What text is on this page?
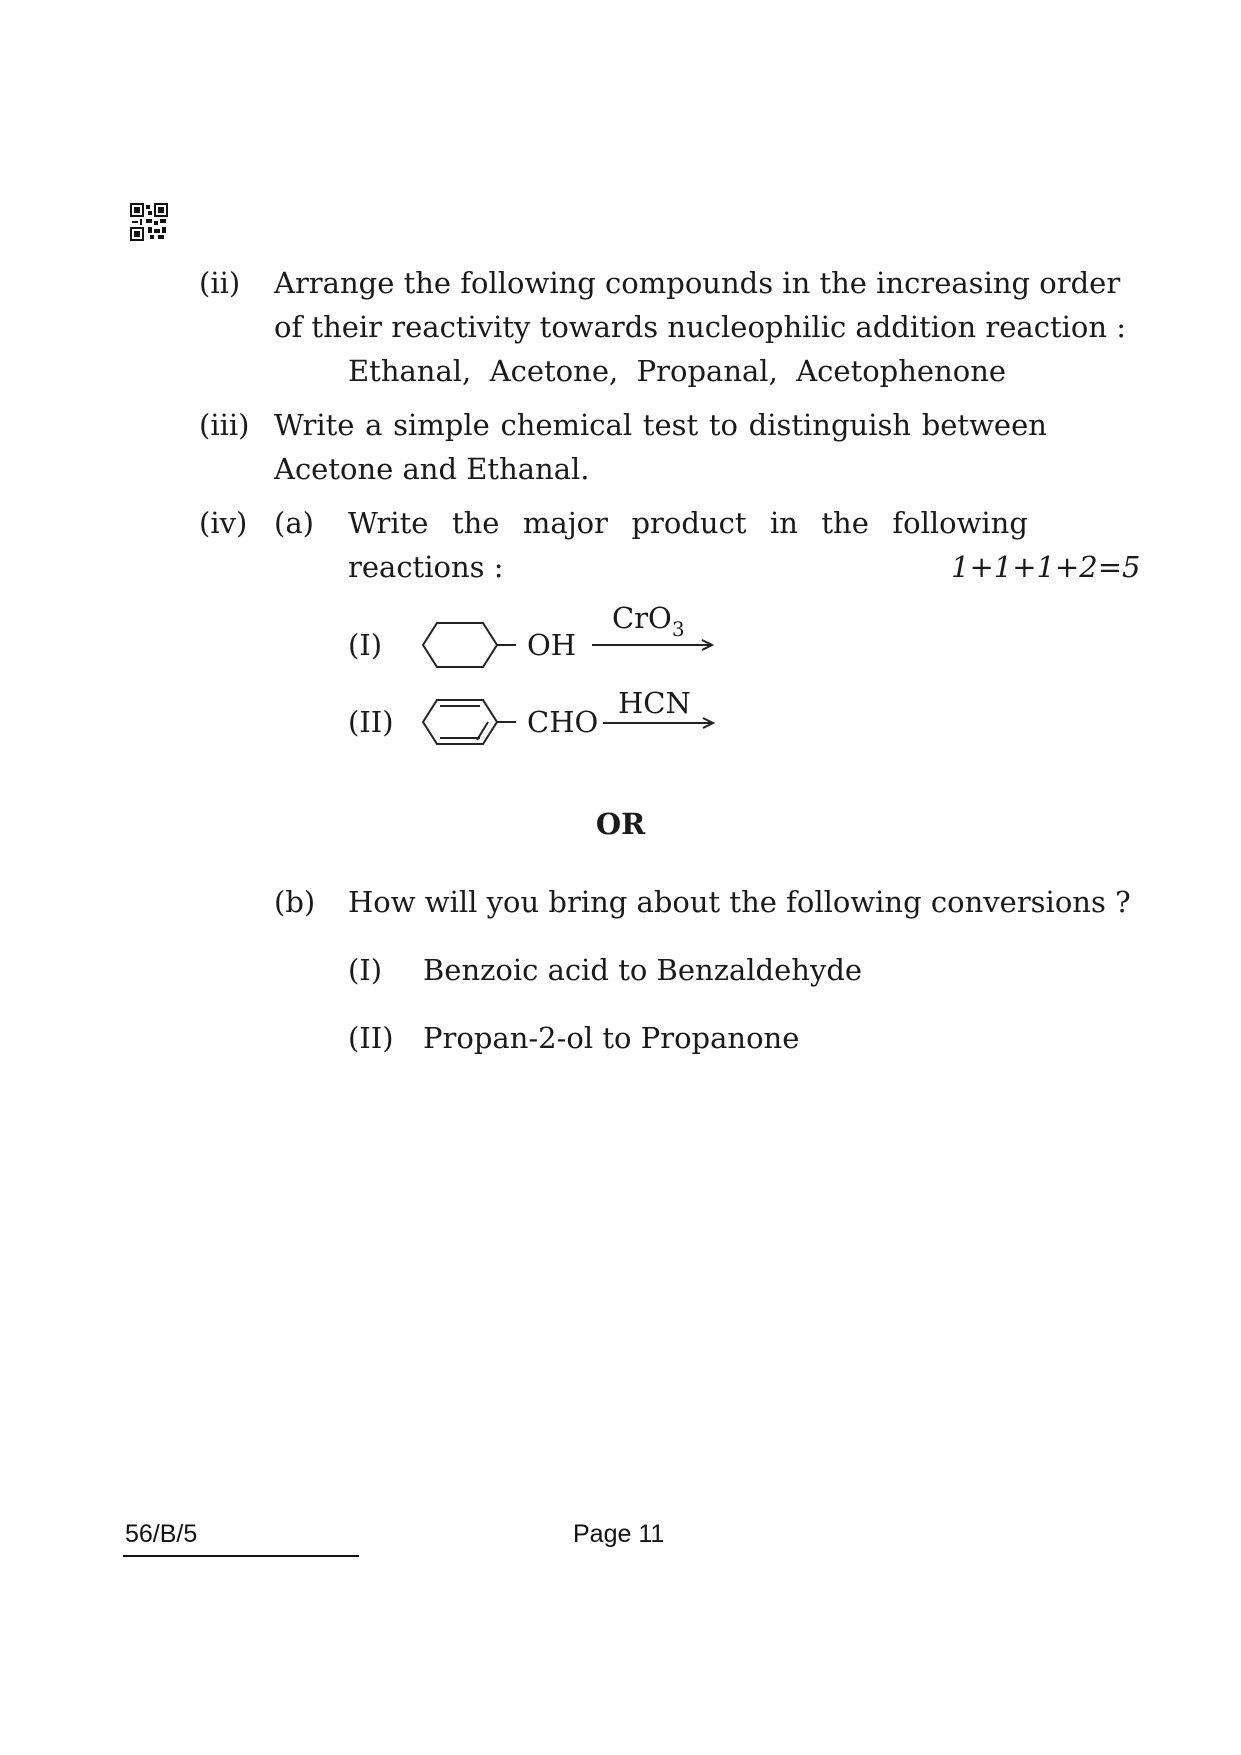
(ii) Arrange the following compounds in the increasing order
of their reactivity towards nucleophilic addition reaction :
Ethanal,  Acetone,  Propanal,  Acetophenone
(iii) Write a simple chemical test to distinguish between
Acetone and Ethanal.
(iv) (a) Write the major product in the following
reactions :	1+1+1+2=5
(I)	OH
CrO$_3$
(II)	CHO
HCN
OR
(b) How will you bring about the following conversions ?
(I) Benzoic acid to Benzaldehyde
(II) Propan-2-ol to Propanone
56/B/5	Page 11
